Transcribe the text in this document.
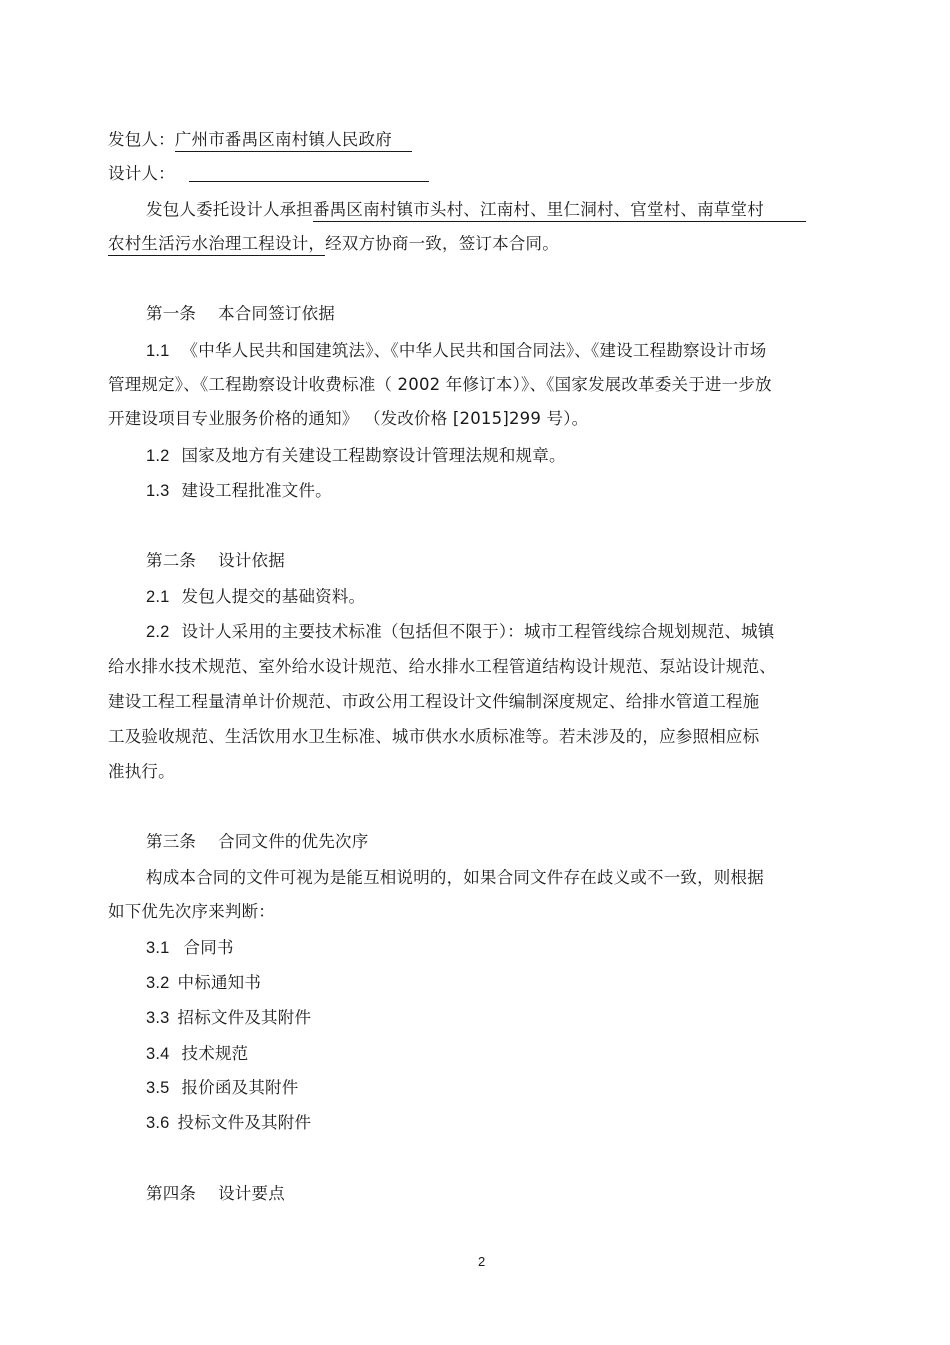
发包人：广州市番禺区南村镇人民政府
设计人：
发包人委托设计人承担番禺区南村镇市头村、江南村、里仁洞村、官堂村、南草堂村
农村生活污水治理工程设计，经双方协商一致，签订本合同。
第一条 本合同签订依据
1.1 《中华人民共和国建筑法》、《中华人民共和国合同法》、《建设工程勘察设计市场
管理规定》、《工程勘察设计收费标准（ 2002 年修订本）》、《国家发展改革委关于进一步放
开建设项目专业服务价格的通知》 （发改价格 [2015]299 号）。
1.2 国家及地方有关建设工程勘察设计管理法规和规章。
1.3 建设工程批准文件。
第二条 设计依据
2.1 发包人提交的基础资料。
2.2 设计人采用的主要技术标准（包括但不限于）：城市工程管线综合规划规范、城镇
给水排水技术规范、室外给水设计规范、给水排水工程管道结构设计规范、泵站设计规范、
建设工程工程量清单计价规范、市政公用工程设计文件编制深度规定、给排水管道工程施
工及验收规范、生活饮用水卫生标准、城市供水水质标准等。若未涉及的，应参照相应标
准执行。
第三条 合同文件的优先次序
构成本合同的文件可视为是能互相说明的，如果合同文件存在歧义或不一致，则根据
如下优先次序来判断：
3.1 合同书
3.2 中标通知书
3.3 招标文件及其附件
3.4 技术规范
3.5 报价函及其附件
3.6 投标文件及其附件
第四条 设计要点
2
